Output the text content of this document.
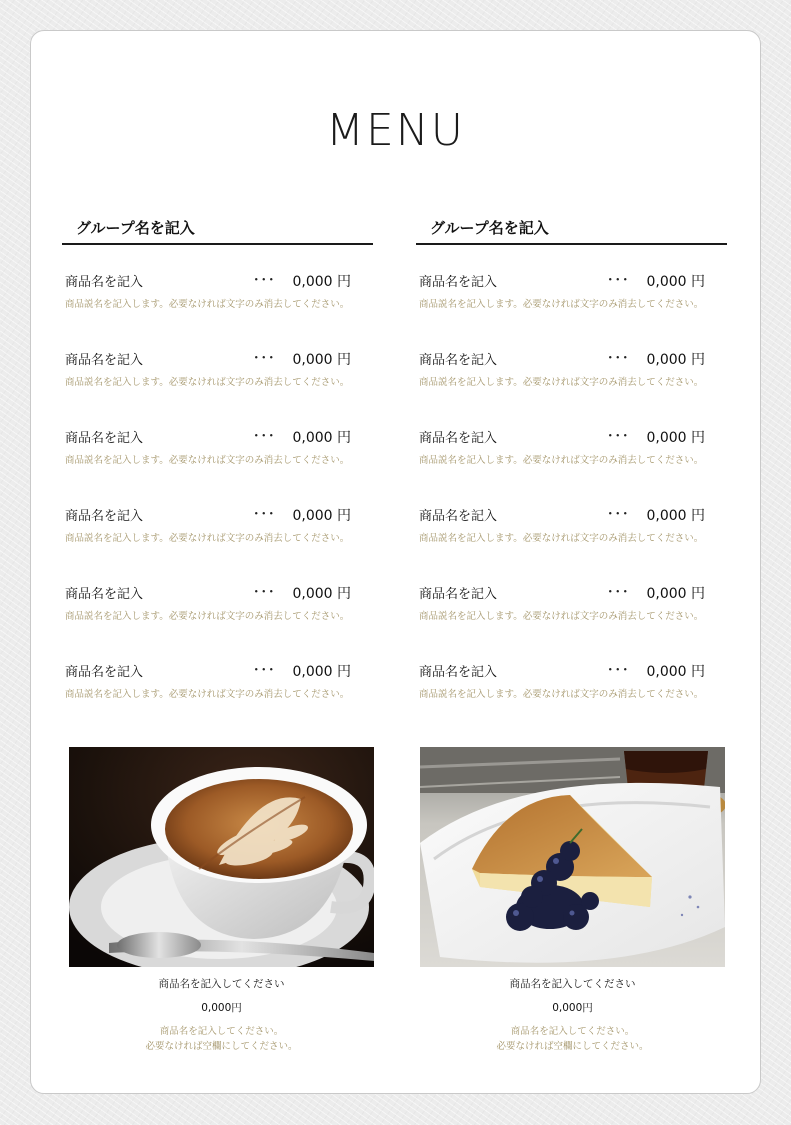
MENU
グループ名を記入
商品名を記入	･･･ 0,000 円
商品説名を記入します。必要なければ文字のみ消去してください。
商品名を記入	･･･ 0,000 円
商品説名を記入します。必要なければ文字のみ消去してください。
商品名を記入	･･･ 0,000 円
商品説名を記入します。必要なければ文字のみ消去してください。
商品名を記入	･･･ 0,000 円
商品説名を記入します。必要なければ文字のみ消去してください。
商品名を記入	･･･ 0,000 円
商品説名を記入します。必要なければ文字のみ消去してください。
商品名を記入	･･･ 0,000 円
商品説名を記入します。必要なければ文字のみ消去してください。
グループ名を記入
商品名を記入	･･･ 0,000 円
商品説名を記入します。必要なければ文字のみ消去してください。
商品名を記入	･･･ 0,000 円
商品説名を記入します。必要なければ文字のみ消去してください。
商品名を記入	･･･ 0,000 円
商品説名を記入します。必要なければ文字のみ消去してください。
商品名を記入	･･･ 0,000 円
商品説名を記入します。必要なければ文字のみ消去してください。
商品名を記入	･･･ 0,000 円
商品説名を記入します。必要なければ文字のみ消去してください。
商品名を記入	･･･ 0,000 円
商品説名を記入します。必要なければ文字のみ消去してください。
商品名を記入してください
0,000円
商品名を記入してください。
必要なければ空欄にしてください。
商品名を記入してください
0,000円
商品名を記入してください。
必要なければ空欄にしてください。
